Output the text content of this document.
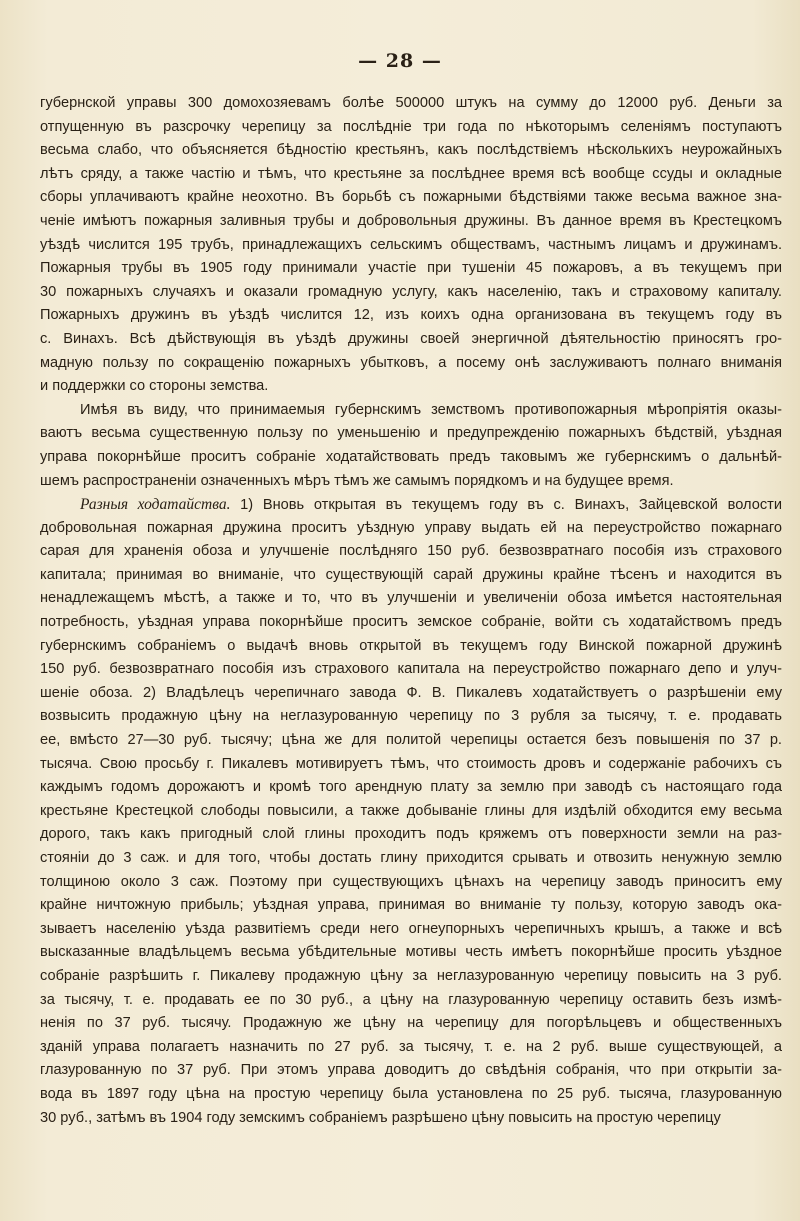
— 28 —
губернской управы 300 домохозяевамъ болѣе 500000 штукъ на сумму до 12000 руб. Деньги за
отпущенную въ разсрочку черепицу за послѣдніе три года по нѣкоторымъ селеніямъ поступаютъ
весьма слабо, что объясняется бѣдностію крестьянъ, какъ послѣдствіемъ нѣсколькихъ неурожайныхъ
лѣтъ сряду, а также частію и тѣмъ, что крестьяне за послѣднее время всѣ вообще ссуды и окладные
сборы уплачиваютъ крайне неохотно. Въ борьбѣ съ пожарными бѣдствіями также весьма важное зна-
ченіе имѣютъ пожарныя заливныя трубы и добровольныя дружины. Въ данное время въ Крестецкомъ
уѣздѣ числится 195 трубъ, принадлежащихъ сельскимъ обществамъ, частнымъ лицамъ и дружинамъ.
Пожарныя трубы въ 1905 году принимали участіе при тушеніи 45 пожаровъ, а въ текущемъ при
30 пожарныхъ случаяхъ и оказали громадную услугу, какъ населенію, такъ и страховому капиталу.
Пожарныхъ дружинъ въ уѣздѣ числится 12, изъ коихъ одна организована въ текущемъ году въ
с. Винахъ. Всѣ дѣйствующія въ уѣздѣ дружины своей энергичной дѣятельностію приносятъ гро-
мадную пользу по сокращенію пожарныхъ убытковъ, а посему онѣ заслуживаютъ полнаго вниманія
и поддержки со стороны земства.
Имѣя въ виду, что принимаемыя губернскимъ земствомъ противопожарныя мѣропріятія оказы-
ваютъ весьма существенную пользу по уменьшенію и предупрежденію пожарныхъ бѣдствій, уѣздная
управа покорнѣйше проситъ собраніе ходатайствовать предъ таковымъ же губернскимъ о дальнѣй-
шемъ распространеніи означенныхъ мѣръ тѣмъ же самымъ порядкомъ и на будущее время.
Разныя ходатайства. 1) Вновь открытая въ текущемъ году въ с. Винахъ, Зайцевской волости
добровольная пожарная дружина проситъ уѣздную управу выдать ей на переустройство пожарнаго
сарая для храненія обоза и улучшеніе послѣдняго 150 руб. безвозвратнаго пособія изъ страхового
капитала; принимая во вниманіе, что существующій сарай дружины крайне тѣсенъ и находится въ
ненадлежащемъ мѣстѣ, а также и то, что въ улучшеніи и увеличеніи обоза имѣется настоятельная
потребность, уѣздная управа покорнѣйше проситъ земское собраніе, войти съ ходатайствомъ предъ
губернскимъ собраніемъ о выдачѣ вновь открытой въ текущемъ году Винской пожарной дружинѣ
150 руб. безвозвратнаго пособія изъ страхового капитала на переустройство пожарнаго депо и улуч-
шеніе обоза. 2) Владѣлецъ черепичнаго завода Ф. В. Пикалевъ ходатайствуетъ о разрѣшеніи ему
возвысить продажную цѣну на неглазурованную черепицу по 3 рубля за тысячу, т. е. продавать
ее, вмѣсто 27—30 руб. тысячу; цѣна же для политой черепицы остается безъ повышенія по 37 р.
тысяча. Свою просьбу г. Пикалевъ мотивируетъ тѣмъ, что стоимость дровъ и содержаніе рабочихъ съ
каждымъ годомъ дорожаютъ и кромѣ того арендную плату за землю при заводѣ съ настоящаго года
крестьяне Крестецкой слободы повысили, а также добываніе глины для издѣлій обходится ему весьма
дорого, такъ какъ пригодный слой глины проходитъ подъ кряжемъ отъ поверхности земли на раз-
стояніи до 3 саж. и для того, чтобы достать глину приходится срывать и отвозить ненужную землю
толщиною около 3 саж. Поэтому при существующихъ цѣнахъ на черепицу заводъ приноситъ ему
крайне ничтожную прибыль; уѣздная управа, принимая во вниманіе ту пользу, которую заводъ ока-
зываетъ населенію уѣзда развитіемъ среди него огнеупорныхъ черепичныхъ крышъ, а также и всѣ
высказанные владѣльцемъ весьма убѣдительные мотивы честь имѣетъ покорнѣйше просить уѣздное
собраніе разрѣшить г. Пикалеву продажную цѣну за неглазурованную черепицу повысить на 3 руб.
за тысячу, т. е. продавать ее по 30 руб., а цѣну на глазурованную черепицу оставить безъ измѣ-
ненія по 37 руб. тысячу. Продажную же цѣну на черепицу для погорѣльцевъ и общественныхъ
зданій управа полагаетъ назначить по 27 руб. за тысячу, т. е. на 2 руб. выше существующей, а
глазурованную по 37 руб. При этомъ управа доводитъ до свѣдѣнія собранія, что при открытіи за-
вода въ 1897 году цѣна на простую черепицу была установлена по 25 руб. тысяча, глазурованную
30 руб., затѣмъ въ 1904 году земскимъ собраніемъ разрѣшено цѣну повысить на простую черепицу
